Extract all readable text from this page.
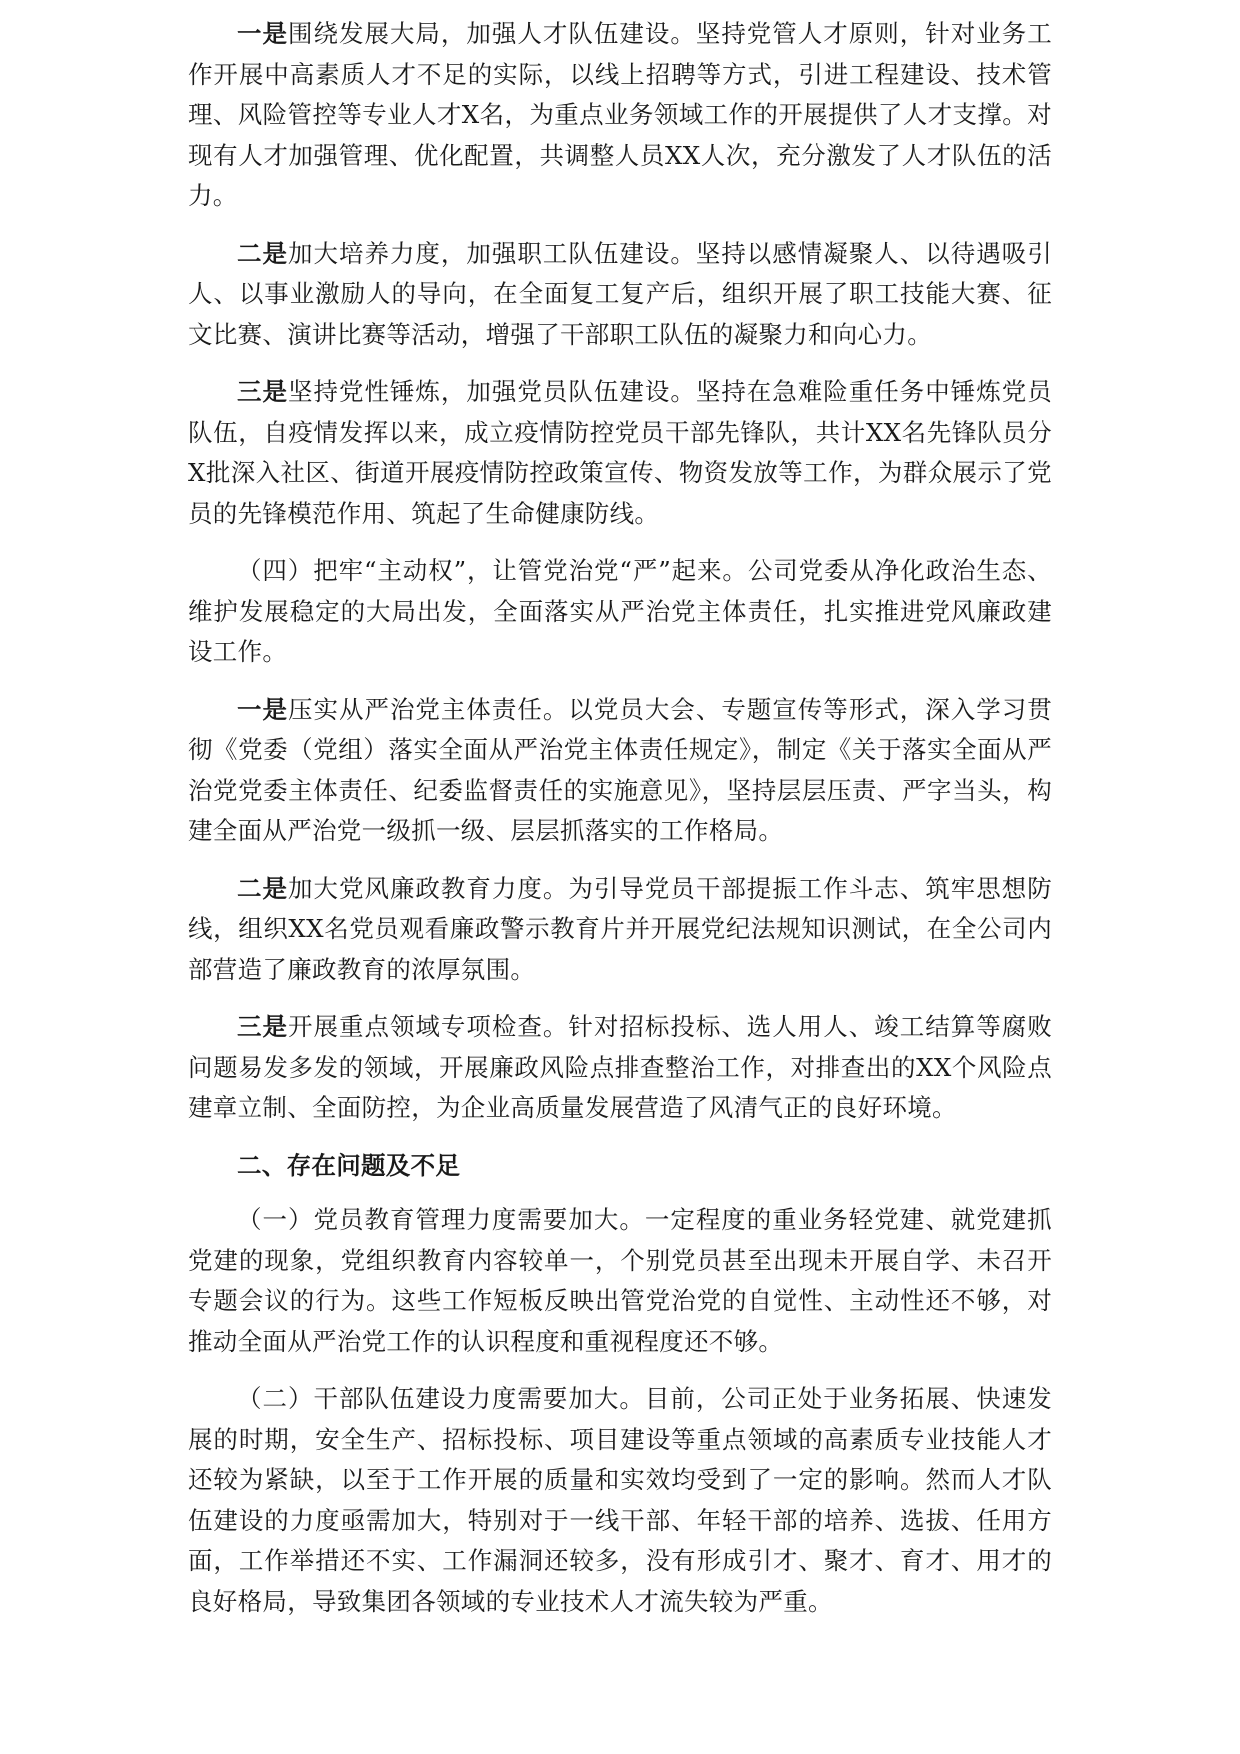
一是围绕发展大局，加强人才队伍建设。坚持党管人才原则，针对业务工作开展中高素质人才不足的实际，以线上招聘等方式，引进工程建设、技术管理、风险管控等专业人才X名，为重点业务领域工作的开展提供了人才支撑。对现有人才加强管理、优化配置，共调整人员XX人次，充分激发了人才队伍的活力。

二是加大培养力度，加强职工队伍建设。坚持以感情凝聚人、以待遇吸引人、以事业激励人的导向，在全面复工复产后，组织开展了职工技能大赛、征文比赛、演讲比赛等活动，增强了干部职工队伍的凝聚力和向心力。

三是坚持党性锤炼，加强党员队伍建设。坚持在急难险重任务中锤炼党员队伍，自疫情发挥以来，成立疫情防控党员干部先锋队，共计XX名先锋队员分X批深入社区、街道开展疫情防控政策宣传、物资发放等工作，为群众展示了党员的先锋模范作用、筑起了生命健康防线。

（四）把牢“主动权”，让管党治党“严”起来。公司党委从净化政治生态、维护发展稳定的大局出发，全面落实从严治党主体责任，扎实推进党风廉政建设工作。

一是压实从严治党主体责任。以党员大会、专题宣传等形式，深入学习贯彻《党委（党组）落实全面从严治党主体责任规定》，制定《关于落实全面从严治党党委主体责任、纪委监督责任的实施意见》，坚持层层压责、严字当头，构建全面从严治党一级抓一级、层层抓落实的工作格局。

二是加大党风廉政教育力度。为引导党员干部提振工作斗志、筑牢思想防线，组织XX名党员观看廉政警示教育片并开展党纪法规知识测试，在全公司内部营造了廉政教育的浓厚氛围。

三是开展重点领域专项检查。针对招标投标、选人用人、竣工结算等腐败问题易发多发的领域，开展廉政风险点排查整治工作，对排查出的XX个风险点建章立制、全面防控，为企业高质量发展营造了风清气正的良好环境。

二、存在问题及不足

（一）党员教育管理力度需要加大。一定程度的重业务轻党建、就党建抓党建的现象，党组织教育内容较单一，个别党员甚至出现未开展自学、未召开专题会议的行为。这些工作短板反映出管党治党的自觉性、主动性还不够，对推动全面从严治党工作的认识程度和重视程度还不够。

（二）干部队伍建设力度需要加大。目前，公司正处于业务拓展、快速发展的时期，安全生产、招标投标、项目建设等重点领域的高素质专业技能人才还较为紧缺，以至于工作开展的质量和实效均受到了一定的影响。然而人才队伍建设的力度亟需加大，特别对于一线干部、年轻干部的培养、选拔、任用方面，工作举措还不实、工作漏洞还较多，没有形成引才、聚才、育才、用才的良好格局，导致集团各领域的专业技术人才流失较为严重。
